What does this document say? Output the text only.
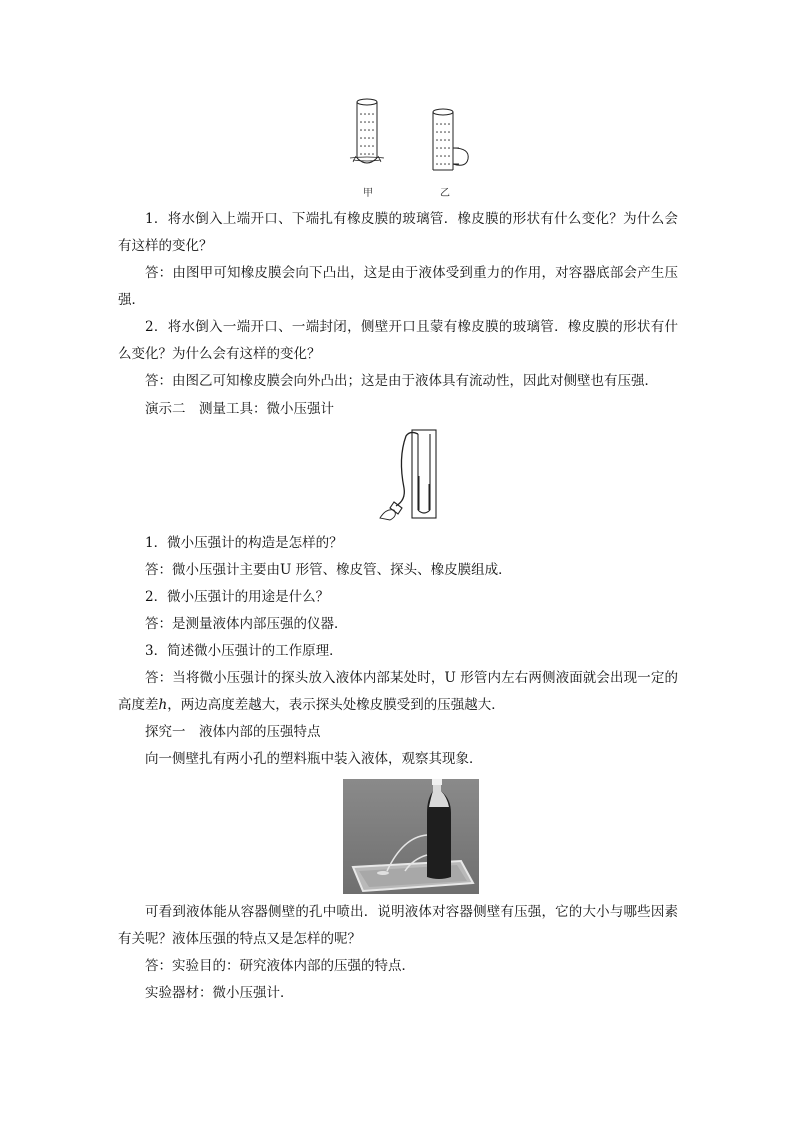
甲	乙

1．将水倒入上端开口、下端扎有橡皮膜的玻璃管．橡皮膜的形状有什么变化？为什么会有这样的变化？

答：由图甲可知橡皮膜会向下凸出，这是由于液体受到重力的作用，对容器底部会产生压强．

2．将水倒入一端开口、一端封闭，侧壁开口且蒙有橡皮膜的玻璃管．橡皮膜的形状有什么变化？为什么会有这样的变化？

答：由图乙可知橡皮膜会向外凸出；这是由于液体具有流动性，因此对侧壁也有压强．

演示二　测量工具：微小压强计

1．微小压强计的构造是怎样的？

答：微小压强计主要由U 形管、橡皮管、探头、橡皮膜组成．

2．微小压强计的用途是什么？

答：是测量液体内部压强的仪器．

3．简述微小压强计的工作原理．

答：当将微小压强计的探头放入液体内部某处时，U 形管内左右两侧液面就会出现一定的高度差h，两边高度差越大，表示探头处橡皮膜受到的压强越大．

探究一　液体内部的压强特点

向一侧壁扎有两小孔的塑料瓶中装入液体，观察其现象．

可看到液体能从容器侧壁的孔中喷出．说明液体对容器侧壁有压强，它的大小与哪些因素有关呢？液体压强的特点又是怎样的呢？

答：实验目的：研究液体内部的压强的特点．

实验器材：微小压强计．
